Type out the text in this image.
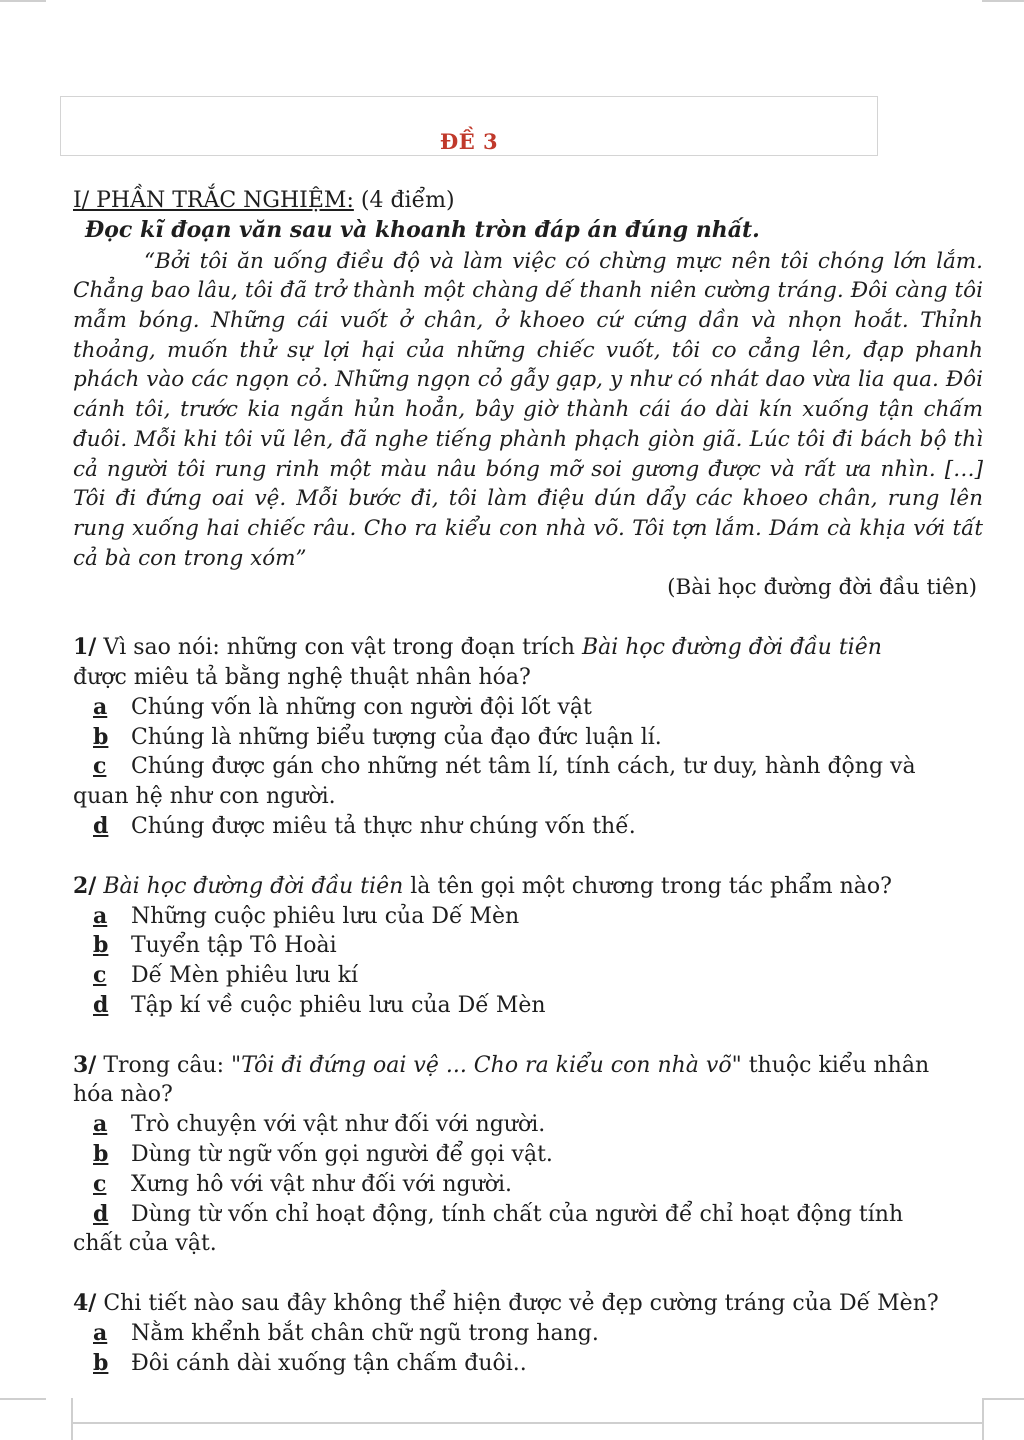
ĐỀ 3
I/ PHẦN TRẮC NGHIỆM: (4 điểm)
Đọc kĩ đoạn văn sau và khoanh tròn đáp án đúng nhất.

“Bởi tôi ăn uống điều độ và làm việc có chừng mực nên tôi chóng lớn lắm. Chẳng bao lâu, tôi đã trở thành một chàng dế thanh niên cường tráng. Đôi càng tôi mẫm bóng. Những cái vuốt ở chân, ở khoeo cứ cứng dần và nhọn hoắt. Thỉnh thoảng, muốn thử sự lợi hại của những chiếc vuốt, tôi co cẳng lên, đạp phanh phách vào các ngọn cỏ. Những ngọn cỏ gẫy gạp, y như có nhát dao vừa lia qua. Đôi cánh tôi, trước kia ngắn hủn hoẳn, bây giờ thành cái áo dài kín xuống tận chấm đuôi. Mỗi khi tôi vũ lên, đã nghe tiếng phành phạch giòn giã. Lúc tôi đi bách bộ thì cả người tôi rung rinh một màu nâu bóng mỡ soi gương được và rất ưa nhìn. […] Tôi đi đứng oai vệ. Mỗi bước đi, tôi làm điệu dún dẩy các khoeo chân, rung lên rung xuống hai chiếc râu. Cho ra kiểu con nhà võ. Tôi tợn lắm. Dám cà khịa với tất cả bà con trong xóm”

(Bài học đường đời đầu tiên)
1/ Vì sao nói: những con vật trong đoạn trích Bài học đường đời đầu tiên
được miêu tả bằng nghệ thuật nhân hóa?
a Chúng vốn là những con người đội lốt vật
b Chúng là những biểu tượng của đạo đức luận lí.
c Chúng được gán cho những nét tâm lí, tính cách, tư duy, hành động và
quan hệ như con người.
d Chúng được miêu tả thực như chúng vốn thế.
2/ Bài học đường đời đầu tiên là tên gọi một chương trong tác phẩm nào?
a Những cuộc phiêu lưu của Dế Mèn
b Tuyển tập Tô Hoài
c Dế Mèn phiêu lưu kí
d Tập kí về cuộc phiêu lưu của Dế Mèn
3/ Trong câu: "Tôi đi đứng oai vệ ... Cho ra kiểu con nhà võ" thuộc kiểu nhân
hóa nào?
a Trò chuyện với vật như đối với người.
b Dùng từ ngữ vốn gọi người để gọi vật.
c Xưng hô với vật như đối với người.
d Dùng từ vốn chỉ hoạt động, tính chất của người để chỉ hoạt động tính
chất của vật.
4/ Chi tiết nào sau đây không thể hiện được vẻ đẹp cường tráng của Dế Mèn?
a Nằm khểnh bắt chân chữ ngũ trong hang.
b Đôi cánh dài xuống tận chấm đuôi..
